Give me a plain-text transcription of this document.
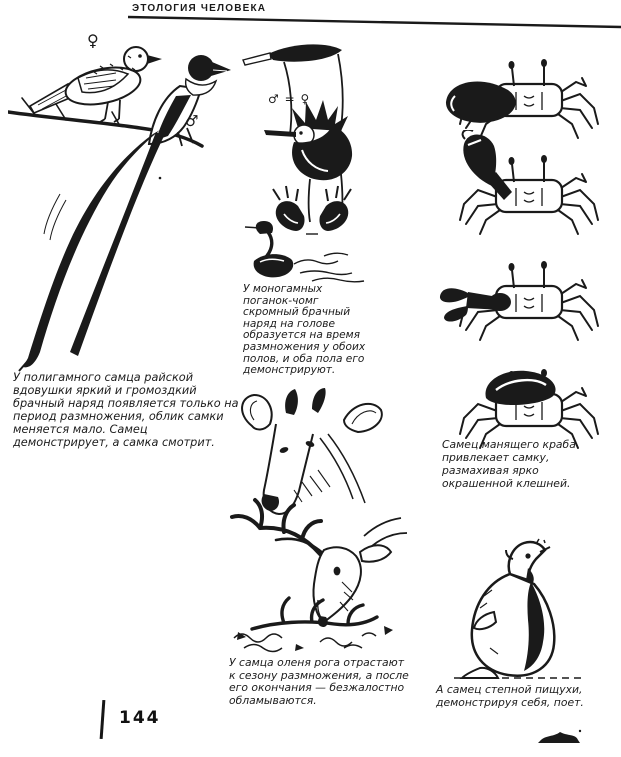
ЭТОЛОГИЯ ЧЕЛОВЕКА
♀
♂
У полигамного самца райской вдовушки яркий и громоздкий брачный наряд появляется только на период размножения, облик самки меняется мало. Самец демонстрирует, а самка смотрит.
♂ = ♀
У моногамных поганок-чомг скромный брачный наряд на голове образуется на время размножения у обоих полов, и оба пола его демонстрируют.
У самца оленя рога отрастают к сезону размножения, а после его окончания — безжалостно обламываются.
Самец манящего краба привлекает самку, размахивая ярко окрашенной клешней.
А самец степной пищухи, демонстрируя себя, поет.
144
